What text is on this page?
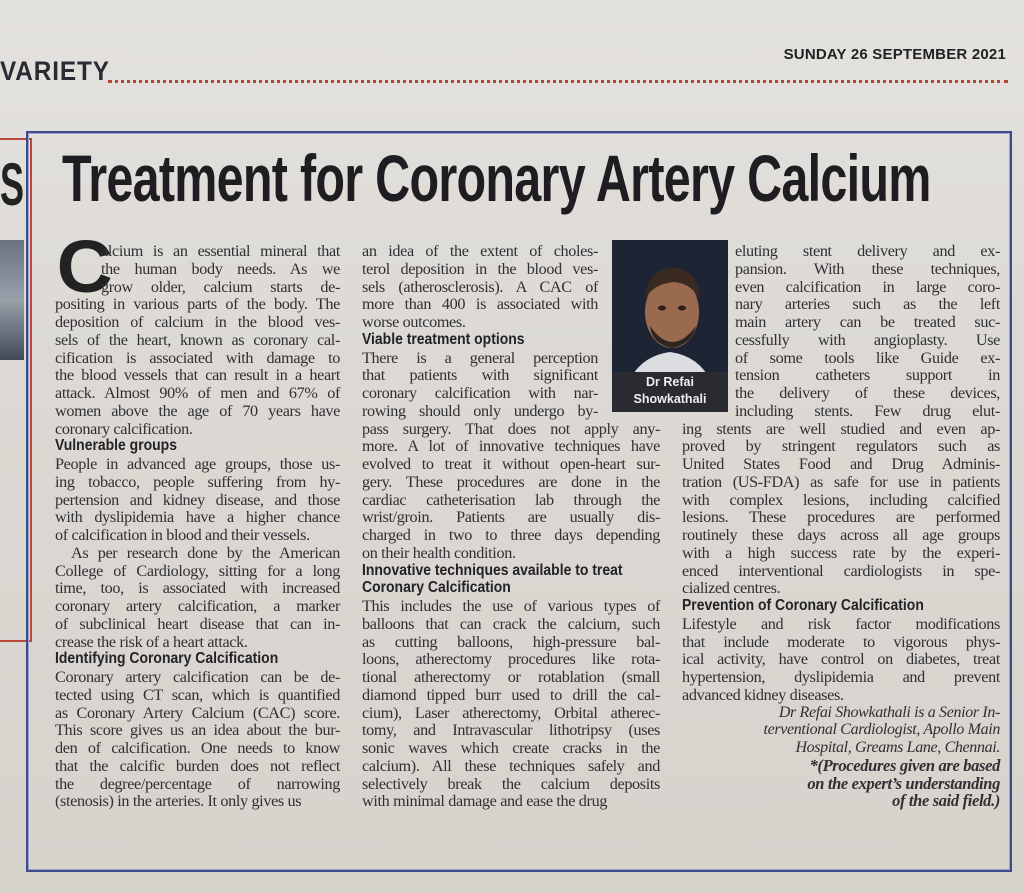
VARIETY
SUNDAY 26 SEPTEMBER 2021
S Treatment for Coronary Artery Calcium
C
Dr Refai
Showkathali
alcium is an essential mineral that
the human body needs. As we
grow older, calcium starts de-
positing in various parts of the body. The
deposition of calcium in the blood ves-
sels of the heart, known as coronary cal-
cification is associated with damage to
the blood vessels that can result in a heart
attack. Almost 90% of men and 67% of
women above the age of 70 years have
coronary calcification.
Vulnerable groups
People in advanced age groups, those us-
ing tobacco, people suffering from hy-
pertension and kidney disease, and those
with dyslipidemia have a higher chance
of calcification in blood and their vessels.
As per research done by the American
College of Cardiology, sitting for a long
time, too, is associated with increased
coronary artery calcification, a marker
of subclinical heart disease that can in-
crease the risk of a heart attack.
Identifying Coronary Calcification
Coronary artery calcification can be de-
tected using CT scan, which is quantified
as Coronary Artery Calcium (CAC) score.
This score gives us an idea about the bur-
den of calcification. One needs to know
that the calcific burden does not reflect
the degree/percentage of narrowing
(stenosis) in the arteries. It only gives us
an idea of the extent of choles-
terol deposition in the blood ves-
sels (atherosclerosis). A CAC of
more than 400 is associated with
worse outcomes.
Viable treatment options
There is a general perception
that patients with significant
coronary calcification with nar-
rowing should only undergo by-
pass surgery. That does not apply any-
more. A lot of innovative techniques have
evolved to treat it without open-heart sur-
gery. These procedures are done in the
cardiac catheterisation lab through the
wrist/groin. Patients are usually dis-
charged in two to three days depending
on their health condition.
Innovative techniques available to treat
Coronary Calcification
This includes the use of various types of
balloons that can crack the calcium, such
as cutting balloons, high-pressure bal-
loons, atherectomy procedures like rota-
tional atherectomy or rotablation (small
diamond tipped burr used to drill the cal-
cium), Laser atherectomy, Orbital atherec-
tomy, and Intravascular lithotripsy (uses
sonic waves which create cracks in the
calcium). All these techniques safely and
selectively break the calcium deposits
with minimal damage and ease the drug
eluting stent delivery and ex-
pansion. With these techniques,
even calcification in large coro-
nary arteries such as the left
main artery can be treated suc-
cessfully with angioplasty. Use
of some tools like Guide ex-
tension catheters support in
the delivery of these devices,
including stents. Few drug elut-
ing stents are well studied and even ap-
proved by stringent regulators such as
United States Food and Drug Adminis-
tration (US-FDA) as safe for use in patients
with complex lesions, including calcified
lesions. These procedures are performed
routinely these days across all age groups
with a high success rate by the experi-
enced interventional cardiologists in spe-
cialized centres.
Prevention of Coronary Calcification
Lifestyle and risk factor modifications
that include moderate to vigorous phys-
ical activity, have control on diabetes, treat
hypertension, dyslipidemia and prevent
advanced kidney diseases.
Dr Refai Showkathali is a Senior In-
terventional Cardiologist, Apollo Main
Hospital, Greams Lane, Chennai.
*(Procedures given are based
on the expert’s understanding
of the said field.)
